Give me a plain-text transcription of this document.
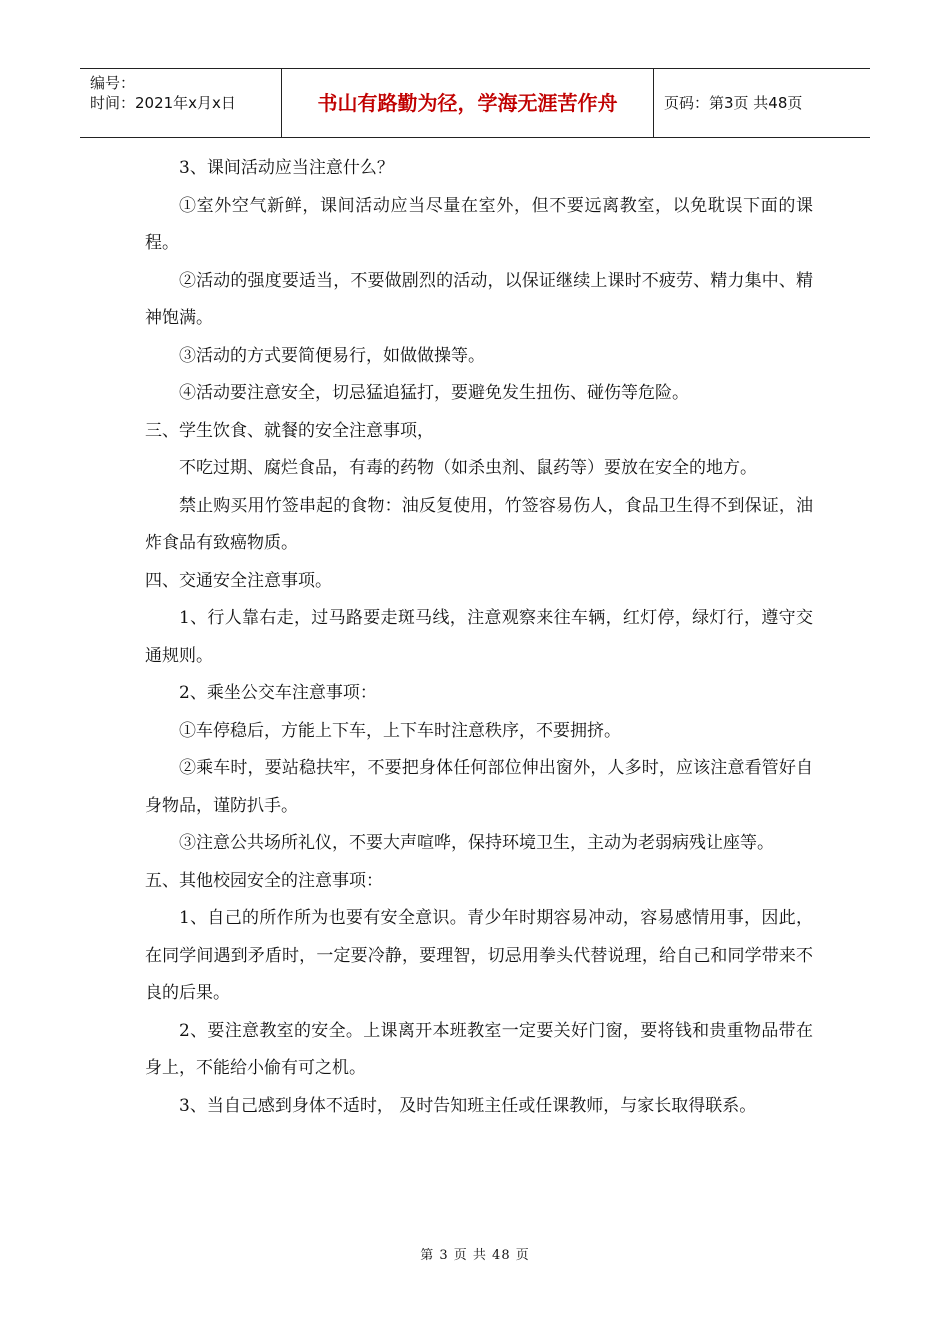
编号：
时间：2021年x月x日	书山有路勤为径，学海无涯苦作舟	页码：第3页 共48页

3、课间活动应当注意什么？

①室外空气新鲜，课间活动应当尽量在室外，但不要远离教室，以免耽误下面的课程。

②活动的强度要适当，不要做剧烈的活动，以保证继续上课时不疲劳、精力集中、精神饱满。

③活动的方式要简便易行，如做做操等。

④活动要注意安全，切忌猛追猛打，要避免发生扭伤、碰伤等危险。

三、学生饮食、就餐的安全注意事项，

不吃过期、腐烂食品，有毒的药物（如杀虫剂、鼠药等）要放在安全的地方。

禁止购买用竹签串起的食物：油反复使用，竹签容易伤人，食品卫生得不到保证，油炸食品有致癌物质。

四、交通安全注意事项。

1、行人靠右走，过马路要走斑马线，注意观察来往车辆，红灯停，绿灯行，遵守交通规则。

2、乘坐公交车注意事项：

①车停稳后，方能上下车，上下车时注意秩序，不要拥挤。

②乘车时，要站稳扶牢，不要把身体任何部位伸出窗外，人多时，应该注意看管好自身物品，谨防扒手。

③注意公共场所礼仪，不要大声喧哗，保持环境卫生，主动为老弱病残让座等。

五、其他校园安全的注意事项：

1、自己的所作所为也要有安全意识。青少年时期容易冲动，容易感情用事，因此，在同学间遇到矛盾时，一定要冷静，要理智，切忌用拳头代替说理，给自己和同学带来不良的后果。

2、要注意教室的安全。上课离开本班教室一定要关好门窗，要将钱和贵重物品带在身上，不能给小偷有可之机。

3、当自己感到身体不适时， 及时告知班主任或任课教师，与家长取得联系。

第 3 页 共 48 页
